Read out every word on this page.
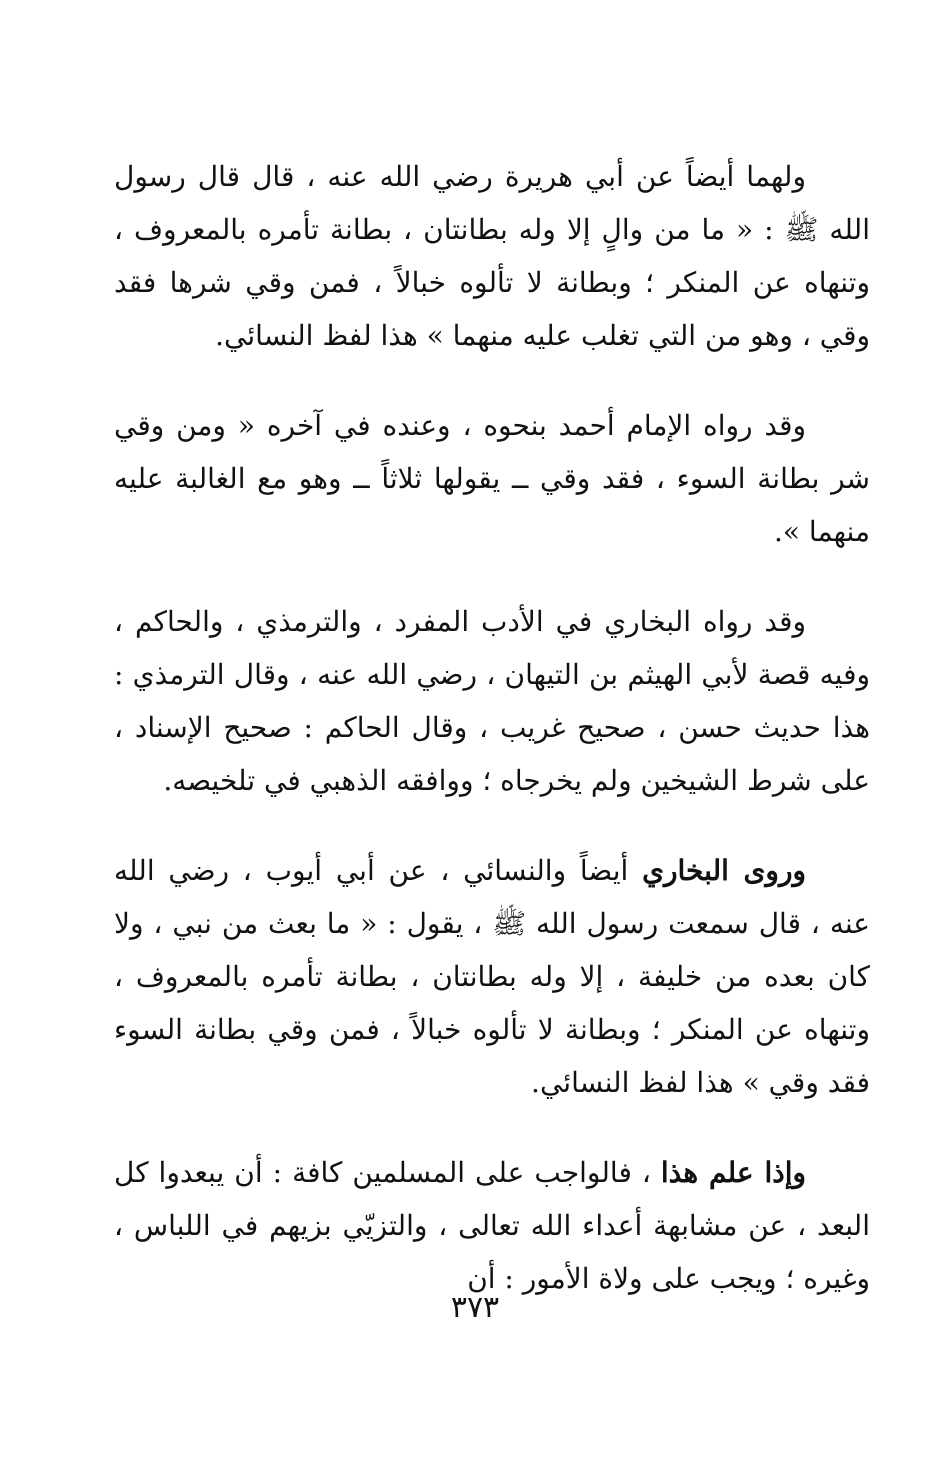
ولهما أيضاً عن أبي هريرة رضي الله عنه ، قال قال رسول الله ﷺ : « ما من والٍ إلا وله بطانتان ، بطانة تأمره بالمعروف ، وتنهاه عن المنكر ؛ وبطانة لا تألوه خبالاً ، فمن وقي شرها فقد وقي ، وهو من التي تغلب عليه منهما » هذا لفظ النسائي.

وقد رواه الإمام أحمد بنحوه ، وعنده في آخره « ومن وقي شر بطانة السوء ، فقد وقي ــ يقولها ثلاثاً ــ وهو مع الغالبة عليه منهما ».

وقد رواه البخاري في الأدب المفرد ، والترمذي ، والحاكم ، وفيه قصة لأبي الهيثم بن التيهان ، رضي الله عنه ، وقال الترمذي : هذا حديث حسن ، صحيح غريب ، وقال الحاكم : صحيح الإسناد ، على شرط الشيخين ولم يخرجاه ؛ ووافقه الذهبي في تلخيصه.

وروى البخاري أيضاً والنسائي ، عن أبي أيوب ، رضي الله عنه ، قال سمعت رسول الله ﷺ ، يقول : « ما بعث من نبي ، ولا كان بعده من خليفة ، إلا وله بطانتان ، بطانة تأمره بالمعروف ، وتنهاه عن المنكر ؛ وبطانة لا تألوه خبالاً ، فمن وقي بطانة السوء فقد وقي » هذا لفظ النسائي.

وإذا علم هذا ، فالواجب على المسلمين كافة : أن يبعدوا كل البعد ، عن مشابهة أعداء الله تعالى ، والتزيّي بزيهم في اللباس ، وغيره ؛ ويجب على ولاة الأمور : أن

٣٧٣
